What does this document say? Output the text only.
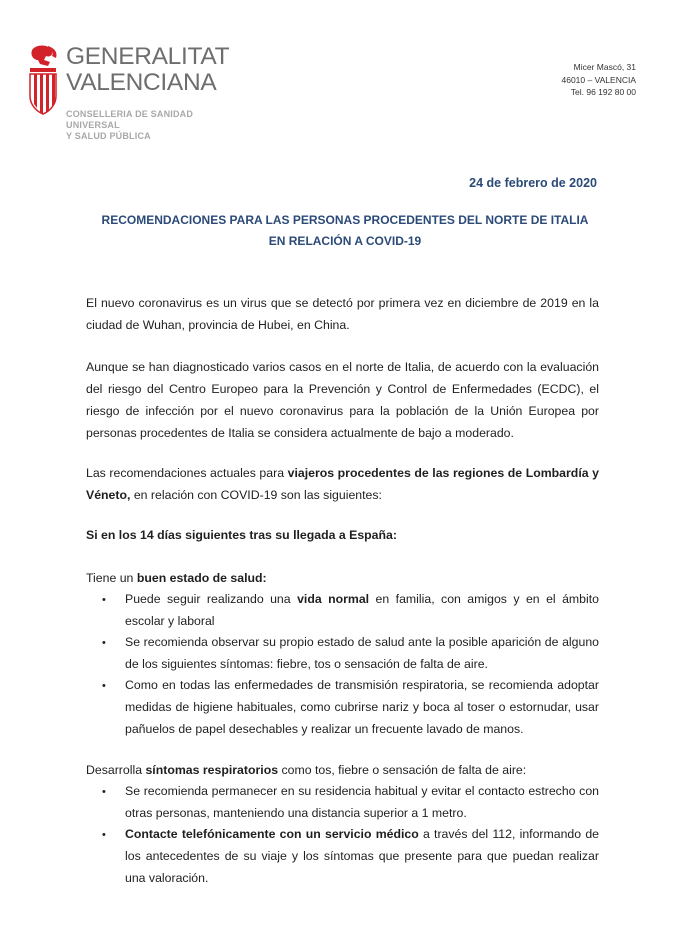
GENERALITAT
VALENCIANA
CONSELLERIA DE SANIDAD UNIVERSAL
Y SALUD PÚBLICA
Micer Mascó, 31
46010 – VALENCIA
Tel. 96 192 80 00
24 de febrero de 2020
RECOMENDACIONES PARA LAS PERSONAS PROCEDENTES DEL NORTE DE ITALIA
EN RELACIÓN A COVID-19
El nuevo coronavirus es un virus que se detectó por primera vez en diciembre de 2019 en la ciudad de Wuhan, provincia de Hubei, en China.
Aunque se han diagnosticado varios casos en el norte de Italia, de acuerdo con la evaluación del riesgo del Centro Europeo para la Prevención y Control de Enfermedades (ECDC), el riesgo de infección por el nuevo coronavirus para la población de la Unión Europea por personas procedentes de Italia se considera actualmente de bajo a moderado.
Las recomendaciones actuales para viajeros procedentes de las regiones de Lombardía y Véneto, en relación con COVID-19 son las siguientes:
Si en los 14 días siguientes tras su llegada a España:
Tiene un buen estado de salud:
• Puede seguir realizando una vida normal en familia, con amigos y en el ámbito escolar y laboral
• Se recomienda observar su propio estado de salud ante la posible aparición de alguno de los siguientes síntomas: fiebre, tos o sensación de falta de aire.
• Como en todas las enfermedades de transmisión respiratoria, se recomienda adoptar medidas de higiene habituales, como cubrirse nariz y boca al toser o estornudar, usar pañuelos de papel desechables y realizar un frecuente lavado de manos.
Desarrolla síntomas respiratorios como tos, fiebre o sensación de falta de aire:
• Se recomienda permanecer en su residencia habitual y evitar el contacto estrecho con otras personas, manteniendo una distancia superior a 1 metro.
• Contacte telefónicamente con un servicio médico a través del 112, informando de los antecedentes de su viaje y los síntomas que presente para que puedan realizar una valoración.
